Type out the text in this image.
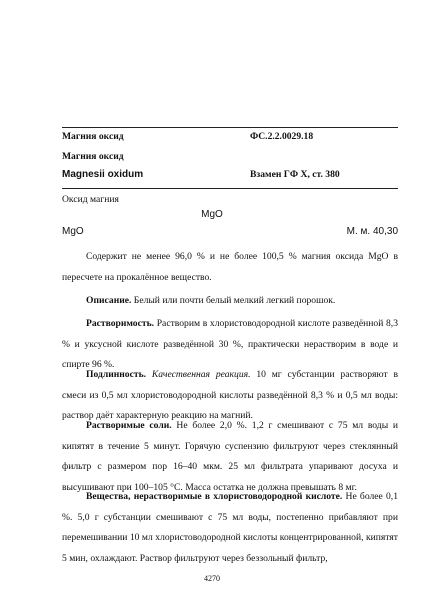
Магния оксид	ФС.2.2.0029.18
Магния оксид
Magnesii oxidum	Взамен ГФ X, ст. 380
Оксид магния
MgO
MgO	М. м. 40,30
Содержит не менее 96,0 % и не более 100,5 % магния оксида MgO в пересчете на прокалённое вещество.
Описание. Белый или почти белый мелкий легкий порошок.
Растворимость. Растворим в хлористоводородной кислоте разведённой 8,3 % и уксусной кислоте разведённой 30 %, практически нерастворим в воде и спирте 96 %.
Подлинность. Качественная реакция. 10 мг субстанции растворяют в смеси из 0,5 мл хлористоводородной кислоты разведённой 8,3 % и 0,5 мл воды: раствор даёт характерную реакцию на магний.
Растворимые соли. Не более 2,0 %. 1,2 г смешивают с 75 мл воды и кипятят в течение 5 минут. Горячую суспензию фильтруют через стеклянный фильтр с размером пор 16–40 мкм. 25 мл фильтрата упаривают досуха и высушивают при 100–105 °С. Масса остатка не должна превышать 8 мг.
Вещества, нерастворимые в хлористоводородной кислоте. Не более 0,1 %. 5,0 г субстанции смешивают с 75 мл воды, постепенно прибавляют при перемешивании 10 мл хлористоводородной кислоты концентрированной, кипятят 5 мин, охлаждают. Раствор фильтруют через беззольный фильтр,
4270
